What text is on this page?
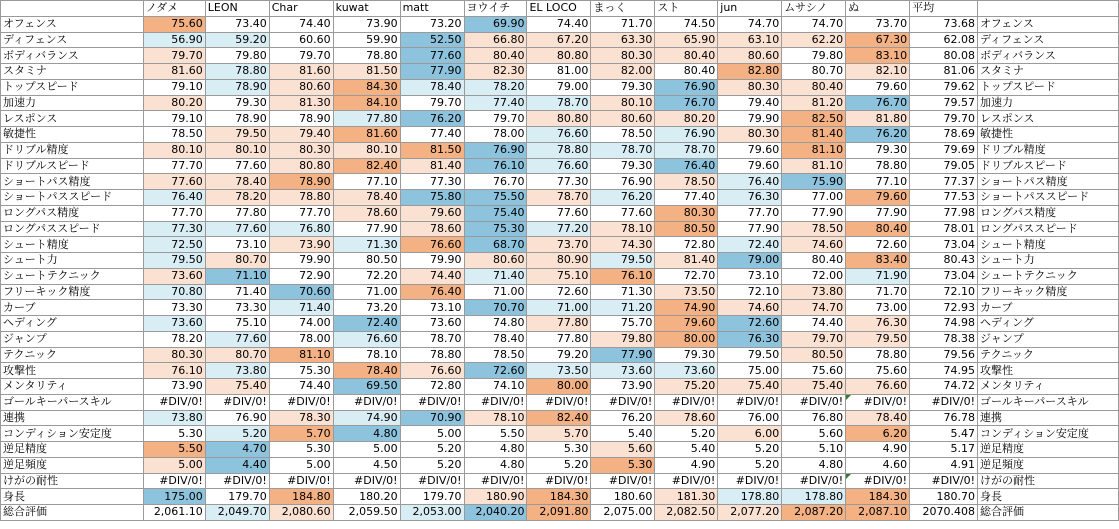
	ノダメ	LEON	Char	kuwat	matt	ヨウイチ	EL LOCO	まっく	スト	jun	ムサシノ	ぬ	平均	
オフェンス	75.60	73.40	74.40	73.90	73.20	69.90	74.40	71.70	74.50	74.70	74.70	73.70	73.68	オフェンス
ディフェンス	56.90	59.20	60.60	59.90	52.50	66.80	67.20	63.30	65.90	63.10	62.20	67.30	62.08	ディフェンス
ボディバランス	79.70	79.80	79.70	78.80	77.60	80.40	80.80	80.30	80.40	80.60	79.80	83.10	80.08	ボディバランス
スタミナ	81.60	78.80	81.60	81.50	77.90	82.30	81.00	82.00	80.40	82.80	80.70	82.10	81.06	スタミナ
トップスピード	79.10	78.90	80.60	84.30	78.40	78.20	79.00	79.30	76.90	80.30	80.40	79.60	79.62	トップスピード
加速力	80.20	79.30	81.30	84.10	79.70	77.40	78.70	80.10	76.70	79.40	81.20	76.70	79.57	加速力
レスポンス	79.10	78.90	78.90	77.80	76.20	79.70	80.80	80.60	80.20	79.90	82.50	81.80	79.70	レスポンス
敏捷性	78.50	79.50	79.40	81.60	77.40	78.00	76.60	78.50	76.90	80.30	81.40	76.20	78.69	敏捷性
ドリブル精度	80.10	80.10	80.30	80.10	81.50	76.90	78.80	78.70	78.70	79.60	81.10	79.30	79.69	ドリブル精度
ドリブルスピード	77.70	77.60	80.80	82.40	81.40	76.10	76.60	79.30	76.40	79.60	81.10	78.80	79.05	ドリブルスピード
ショートパス精度	77.60	78.40	78.90	77.10	77.30	76.70	77.30	76.90	78.50	76.40	75.90	77.10	77.37	ショートパス精度
ショートパススピード	76.40	78.20	78.80	78.40	75.80	75.50	78.70	76.20	77.40	76.30	77.00	79.60	77.53	ショートパススピード
ロングパス精度	77.70	77.80	77.70	78.60	79.60	75.40	77.60	77.60	80.30	77.70	77.90	77.90	77.98	ロングパス精度
ロングパススピード	77.30	77.60	76.80	77.90	78.60	75.30	77.20	78.10	80.50	77.90	78.50	80.40	78.01	ロングパススピード
シュート精度	72.50	73.10	73.90	71.30	76.60	68.70	73.70	74.30	72.80	72.40	74.60	72.60	73.04	シュート精度
シュート力	79.50	80.70	79.90	80.50	79.90	80.60	80.90	79.50	81.40	79.00	80.40	83.40	80.43	シュート力
シュートテクニック	73.60	71.10	72.90	72.20	74.40	71.40	75.10	76.10	72.70	73.10	72.00	71.90	73.04	シュートテクニック
フリーキック精度	70.80	71.40	70.60	71.00	76.40	71.00	72.60	71.30	73.50	72.10	73.80	71.70	72.10	フリーキック精度
カーブ	73.30	73.30	71.40	73.20	73.10	70.70	71.00	71.20	74.90	74.60	74.70	73.00	72.93	カーブ
ヘディング	73.60	75.10	74.00	72.40	73.60	74.80	77.80	75.70	79.60	72.60	74.40	76.30	74.98	ヘディング
ジャンプ	78.20	77.60	78.00	76.60	78.70	78.40	77.80	79.80	80.00	76.30	79.70	79.50	78.38	ジャンプ
テクニック	80.30	80.70	81.10	78.10	78.80	78.50	79.20	77.90	79.30	79.50	80.50	78.80	79.56	テクニック
攻撃性	76.10	73.80	75.30	78.40	76.60	72.60	73.50	73.60	73.60	75.00	75.60	75.60	74.95	攻撃性
メンタリティ	73.90	75.40	74.40	69.50	72.80	74.10	80.00	73.90	75.20	75.40	75.40	76.60	74.72	メンタリティ
ゴールキーパースキル	#DIV/0!	#DIV/0!	#DIV/0!	#DIV/0!	#DIV/0!	#DIV/0!	#DIV/0!	#DIV/0!	#DIV/0!	#DIV/0!	#DIV/0!	#DIV/0!	#DIV/0!	ゴールキーパースキル
連携	73.80	76.90	78.30	74.90	70.90	78.10	82.40	76.20	78.60	76.00	76.80	78.40	76.78	連携
コンディション安定度	5.30	5.20	5.70	4.80	5.00	5.50	5.70	5.40	5.20	6.00	5.60	6.20	5.47	コンディション安定度
逆足精度	5.50	4.70	5.30	5.00	5.20	4.80	5.30	5.60	5.40	5.20	5.10	4.90	5.17	逆足精度
逆足頻度	5.00	4.40	5.00	4.50	5.20	4.80	5.20	5.30	4.90	5.20	4.80	4.60	4.91	逆足頻度
けがの耐性	#DIV/0!	#DIV/0!	#DIV/0!	#DIV/0!	#DIV/0!	#DIV/0!	#DIV/0!	#DIV/0!	#DIV/0!	#DIV/0!	#DIV/0!	#DIV/0!	#DIV/0!	けがの耐性
身長	175.00	179.70	184.80	180.20	179.70	180.90	184.30	180.60	181.30	178.80	178.80	184.30	180.70	身長
総合評価	2,061.10	2,049.70	2,080.60	2,059.50	2,053.00	2,040.20	2,091.80	2,075.00	2,082.50	2,077.20	2,087.20	2,087.10	2070.408	総合評価
